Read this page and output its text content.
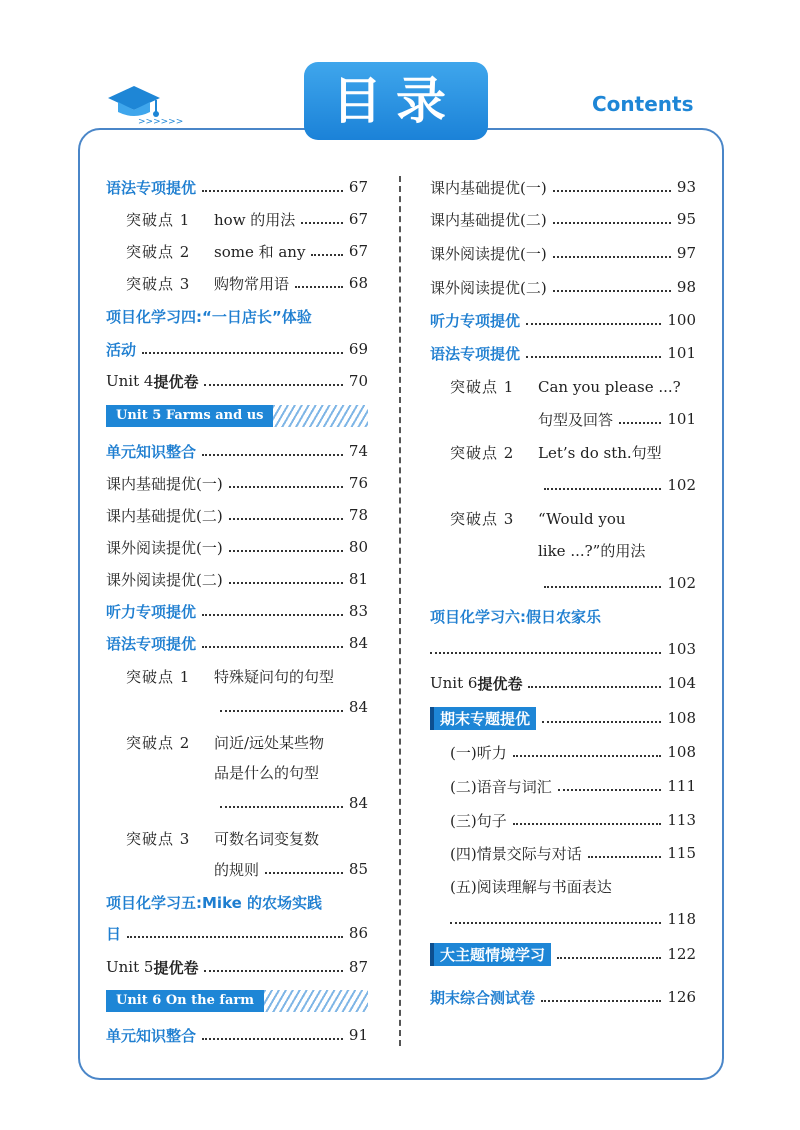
>>>>>>	目录	Contents
语法专项提优	67
突破点 1	how 的用法	67
突破点 2	some 和 any	67
突破点 3	购物常用语	68
项目化学习四:“一日店长”体验
活动	69
Unit 4 提优卷	70
Unit 5 Farms and us
单元知识整合	74
课内基础提优(一)	76
课内基础提优(二)	78
课外阅读提优(一)	80
课外阅读提优(二)	81
听力专项提优	83
语法专项提优	84
突破点 1 特殊疑问句的句型
84
突破点 2 问近/远处某些物
品是什么的句型
84
突破点 3 可数名词变复数
的规则	85
项目化学习五:Mike 的农场实践
日	86
Unit 5 提优卷	87
Unit 6 On the farm
单元知识整合	91
课内基础提优(一)	93
课内基础提优(二)	95
课外阅读提优(一)	97
课外阅读提优(二)	98
听力专项提优	100
语法专项提优	101
突破点 1 Can you please ...?
句型及回答	101
突破点 2 Let’s do sth.句型
102
突破点 3 “Would you
like ...?”的用法
102
项目化学习六:假日农家乐
103
Unit 6 提优卷	104
期末专题提优	108
(一)听力	108
(二)语音与词汇	111
(三)句子	113
(四)情景交际与对话	115
(五)阅读理解与书面表达
118
大主题情境学习	122
期末综合测试卷	126
